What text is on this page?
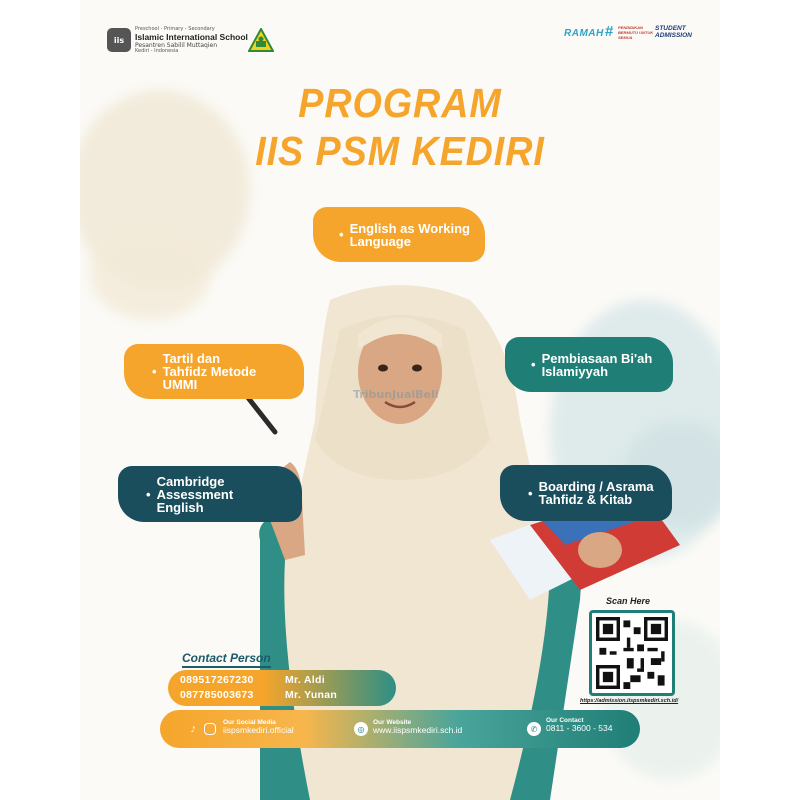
iis
Preschool - Primary - Secondary
Islamic International School
Pesantren Sabilil Muttaqien
Kediri - Indonesia
RAMAH # PENDIDIKAN BERMUTU UNTUK SEMUA
STUDENT
ADMISSION
PROGRAM
IIS PSM KEDIRI
TribunJualBeli
• English as Working
Language
•
Tartil dan
Tahfidz Metode
UMMI
• Pembiasaan Bi'ah
Islamiyyah
•
Cambridge
Assessment
English
• Boarding / Asrama
Tahfidz & Kitab
Scan Here
https://admission.iispsmkediri.sch.id/
Contact Person
089517267230	Mr. Aldi
087785003673	Mr. Yunan
♪
Our Social Media
iispsmkediri.official	◎
Our Website
www.iispsmkediri.sch.id	✆
Our Contact
0811 - 3600 - 534
